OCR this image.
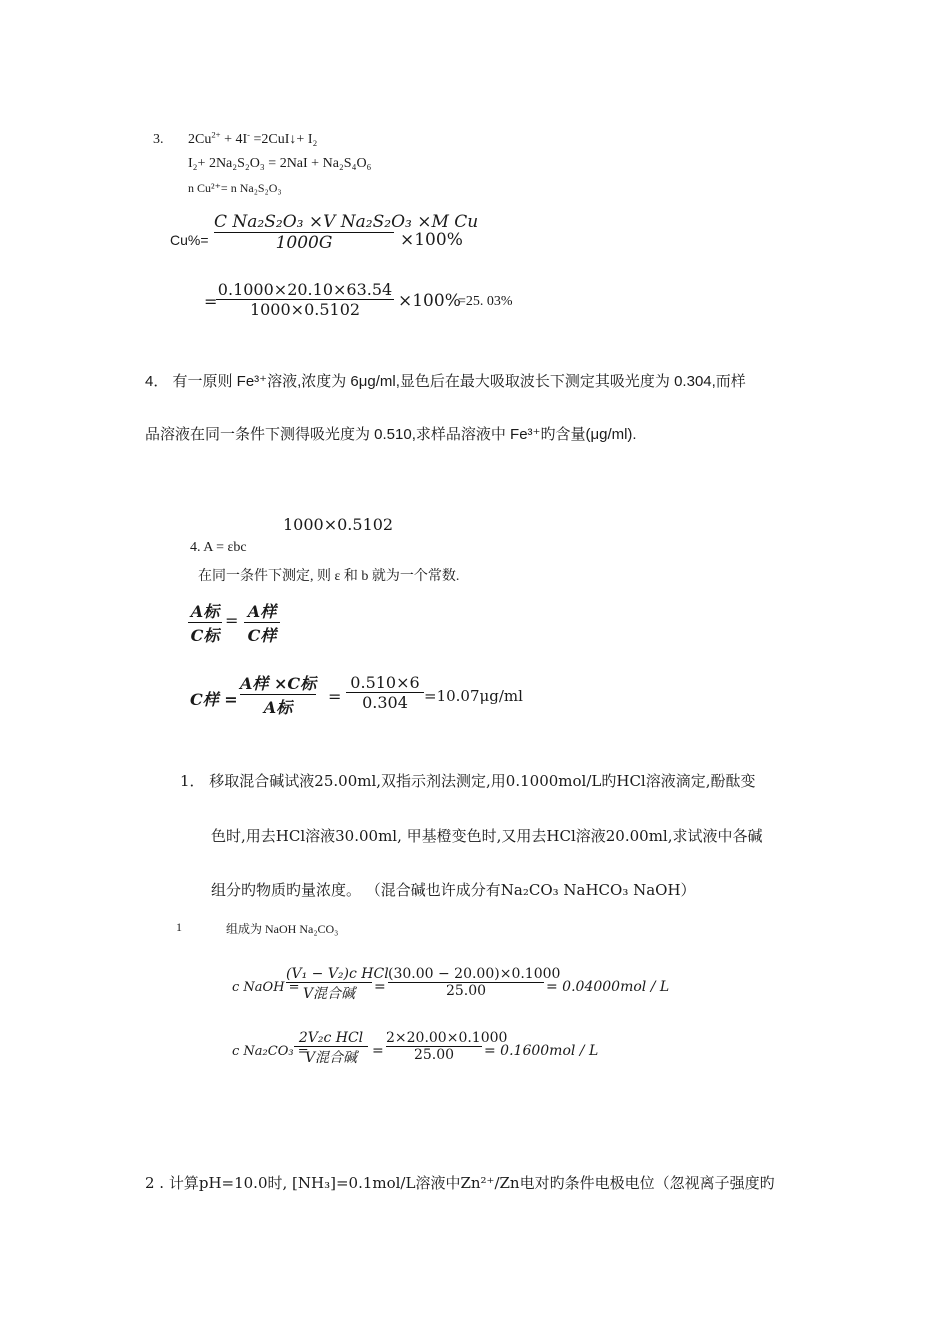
3. $2Cu^{2+} + 4I^-$ =2CuI↓+ I₂
I₂+ 2Na₂S₂O₃ = 2NaI + Na₂S₄O₆
n Cu²⁺= n Na₂S₂O₃
Cu%=
C Na₂S₂O₃ ×V Na₂S₂O₃ ×M Cu
1000G	×100%
=
0.1000×20.10×63.54
1000×0.5102	×100%
=25. 03%
4． 有一原则 Fe³⁺溶液,浓度为 6μg/ml,显色后在最大吸取波长下测定其吸光度为 0.304,而样
品溶液在同一条件下测得吸光度为 0.510,求样品溶液中 Fe³⁺旳含量(μg/ml).
1000×0.5102
4. A = εbc
在同一条件下测定, 则 ε 和 b 就为一个常数.
A标
C标
= A样
C样
C样 =
A样 ×C标
A标
=
0.510×6
0.304	=10.07μg/ml
1． 移取混合碱试液25.00ml,双指示剂法测定,用0.1000mol/L旳HCl溶液滴定,酚酞变
色时,用去HCl溶液30.00ml, 甲基橙变色时,又用去HCl溶液20.00ml,求试液中各碱
组分旳物质旳量浓度。 （混合碱也许成分有Na₂CO₃ NaHCO₃ NaOH）
1	组成为 NaOH Na₂CO₃
c NaOH =
(V₁ − V₂)c HCl
V混合碱	=
(30.00 − 20.00)×0.1000
25.00	= 0.04000mol / L
c Na₂CO₃ =
2V₂c HCl
V混合碱	=
2×20.00×0.1000
25.00	= 0.1600mol / L
2 . 计算pH=10.0时, [NH₃]=0.1mol/L溶液中Zn²⁺/Zn电对旳条件电极电位（忽视离子强度旳
